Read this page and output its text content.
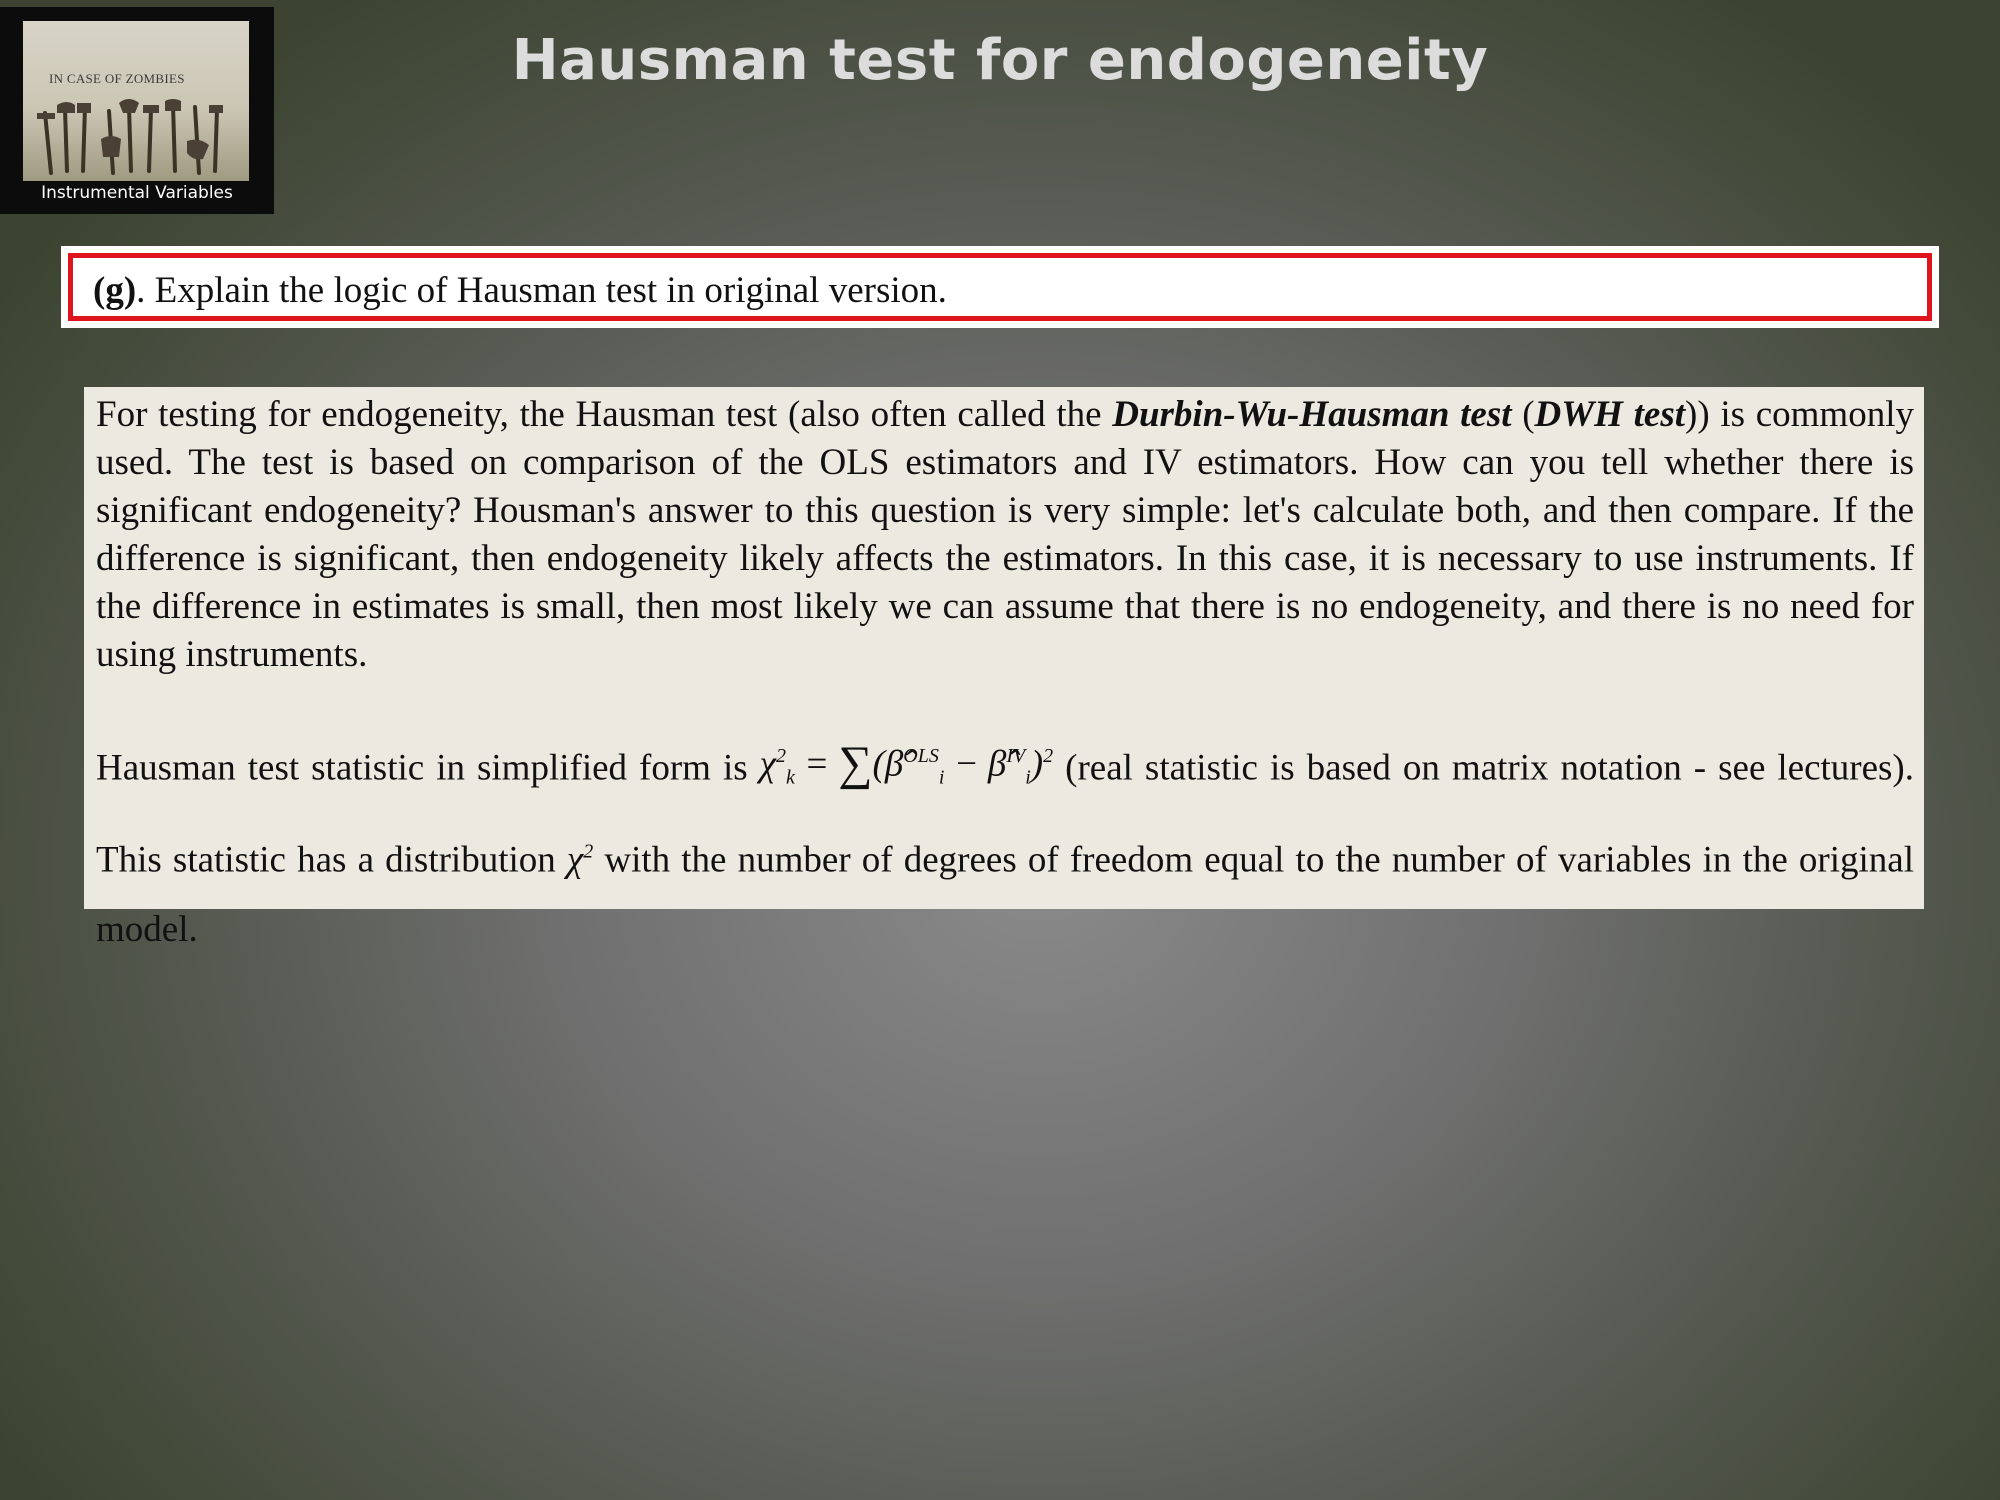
Hausman test for endogeneity
IN CASE OF ZOMBIES
Instrumental Variables
(g). Explain the logic of Hausman test in original version.

For testing for endogeneity, the Hausman test (also often called the Durbin-Wu-Hausman test (DWH test)) is commonly used. The test is based on comparison of the OLS estimators and IV estimators. How can you tell whether there is significant endogeneity? Housman's answer to this question is very simple: let's calculate both, and then compare. If the difference is significant, then endogeneity likely affects the estimators. In this case, it is necessary to use instruments. If the difference in estimates is small, then most likely we can assume that there is no endogeneity, and there is no need for using instruments.

Hausman test statistic in simplified form is $\chi^2_k$ = ∑(β̂$^{OLS}_i$ − β̂$^{IV}_i$)$^2$ (real statistic is based on matrix notation - see lectures). This statistic has a distribution $\chi^2$ with the number of degrees of freedom equal to the number of variables in the original model.
